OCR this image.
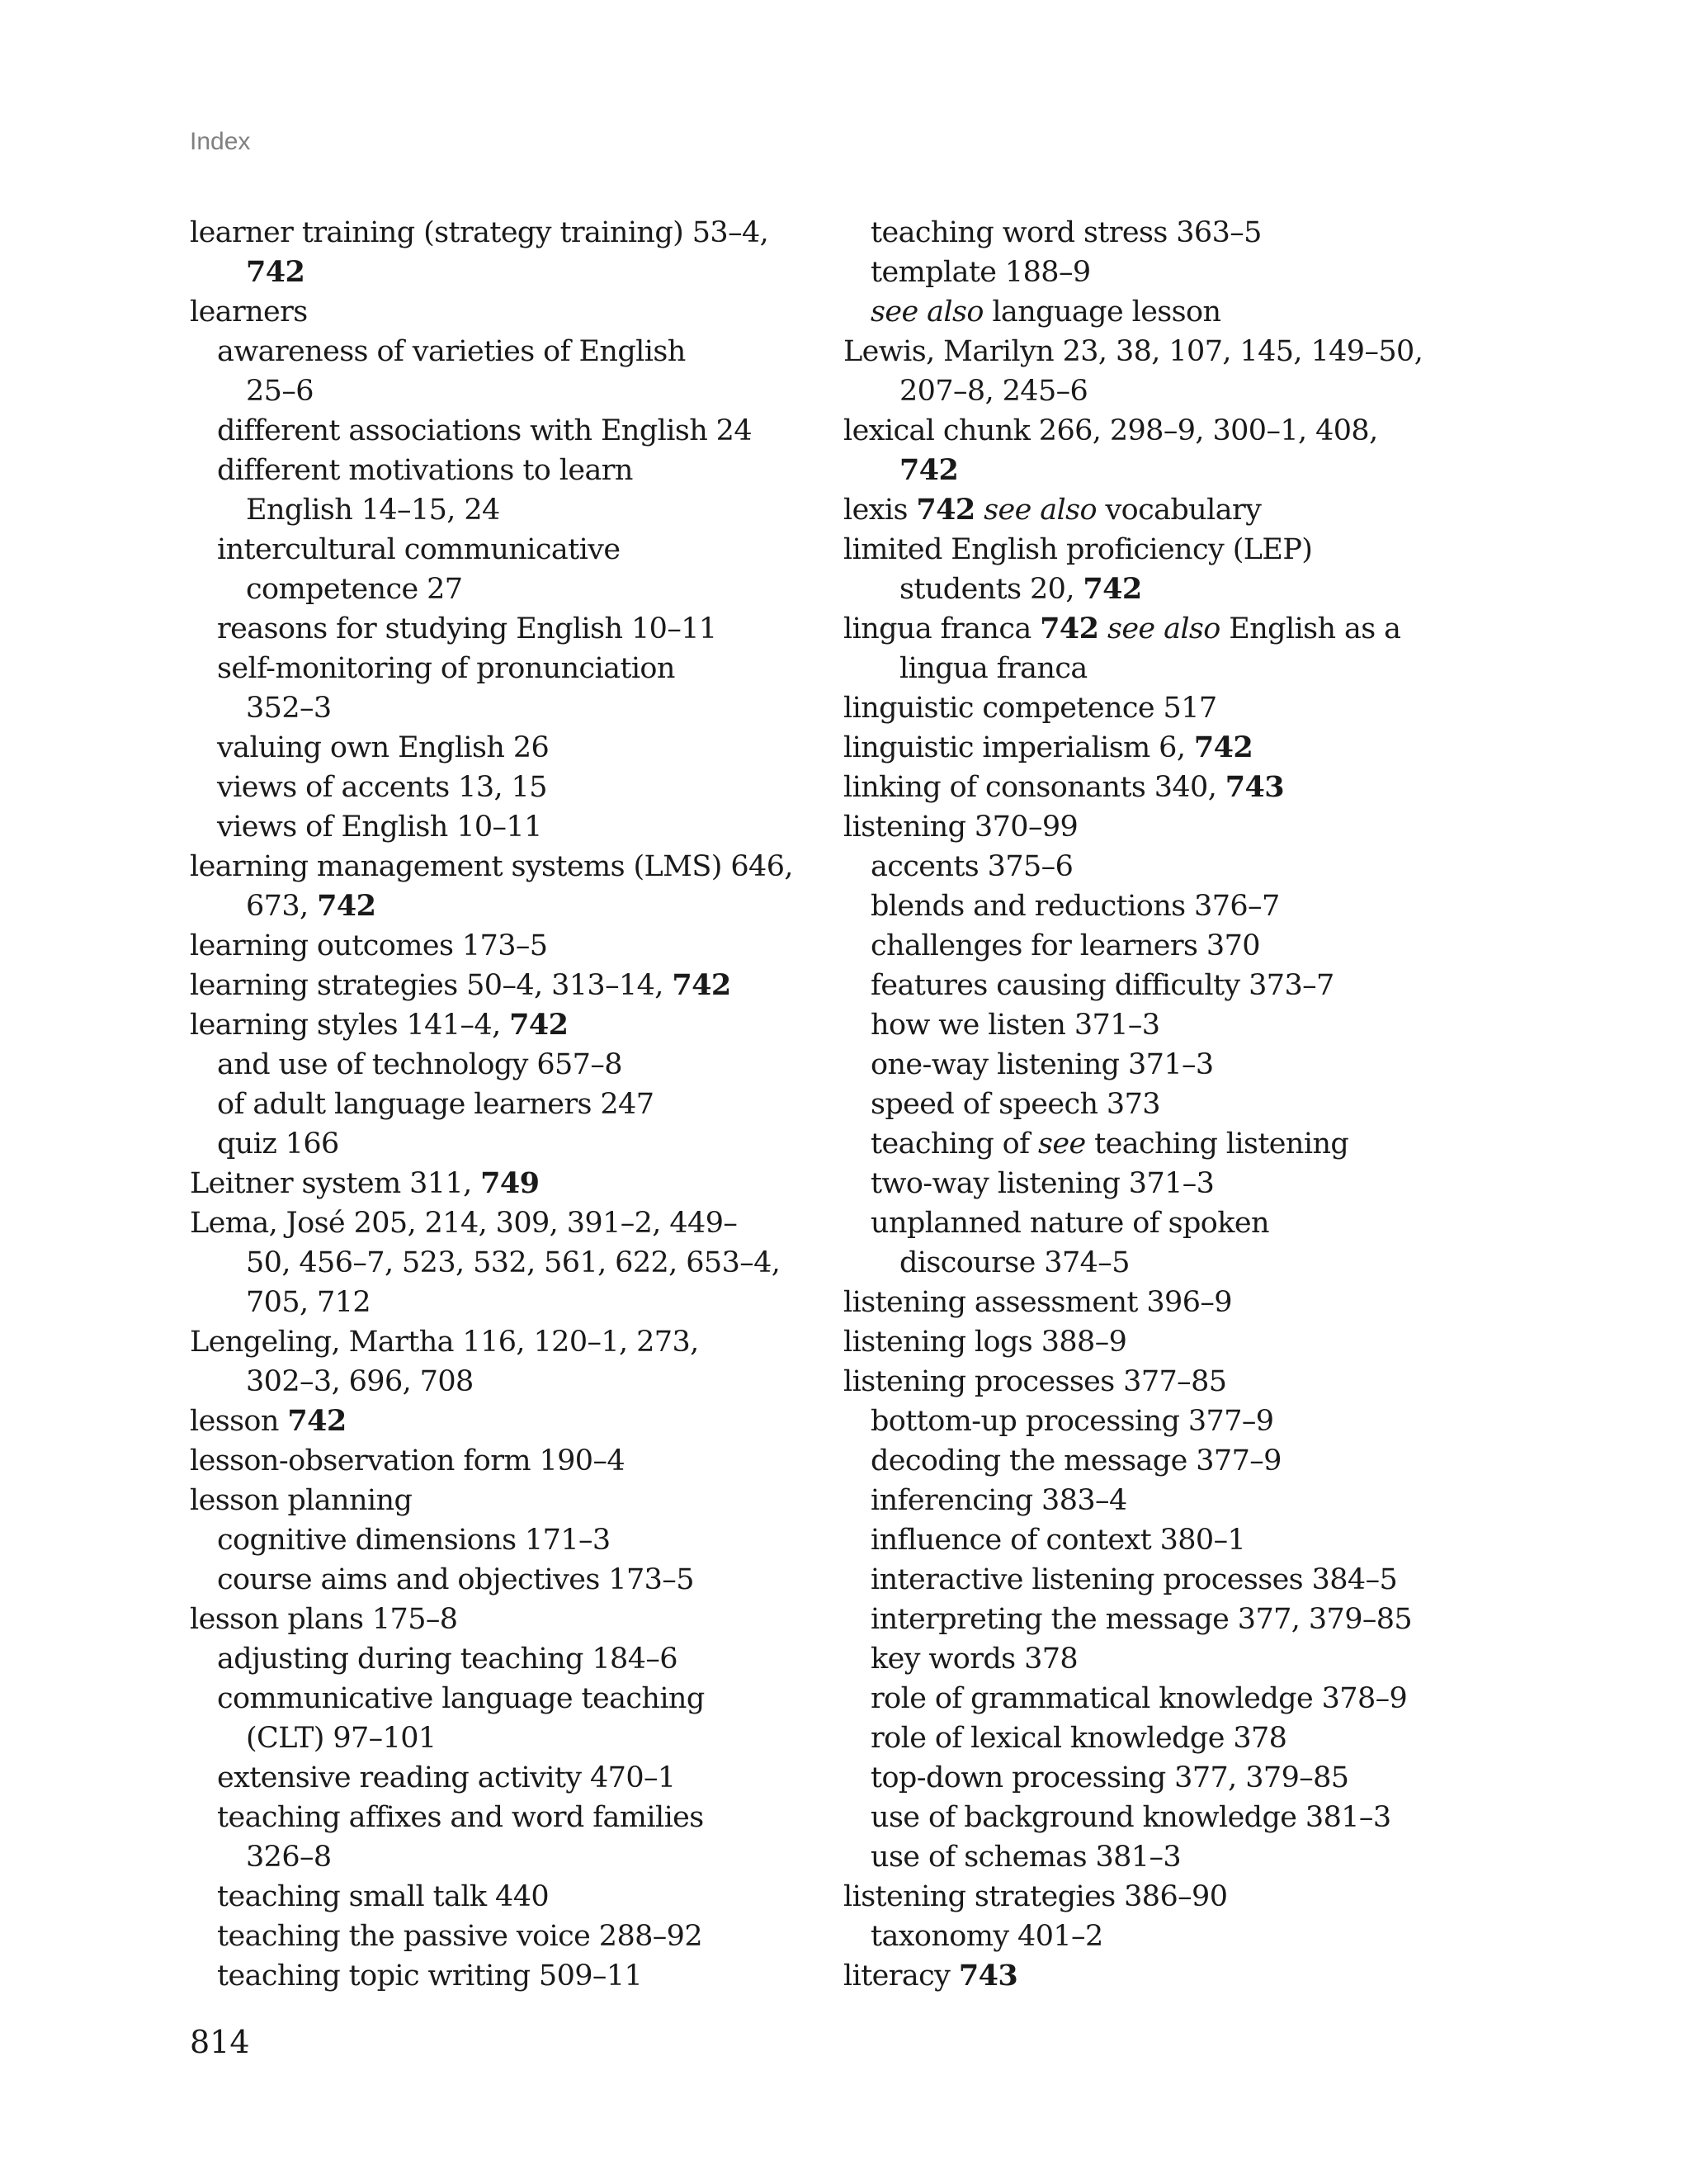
Index
learner training (strategy training) 53–4,
742
learners
awareness of varieties of English
25–6
different associations with English 24
different motivations to learn
English 14–15, 24
intercultural communicative
competence 27
reasons for studying English 10–11
self-monitoring of pronunciation
352–3
valuing own English 26
views of accents 13, 15
views of English 10–11
learning management systems (LMS) 646,
673, 742
learning outcomes 173–5
learning strategies 50–4, 313–14, 742
learning styles 141–4, 742
and use of technology 657–8
of adult language learners 247
quiz 166
Leitner system 311, 749
Lema, José 205, 214, 309, 391–2, 449–
50, 456–7, 523, 532, 561, 622, 653–4,
705, 712
Lengeling, Martha 116, 120–1, 273,
302–3, 696, 708
lesson 742
lesson-observation form 190–4
lesson planning
cognitive dimensions 171–3
course aims and objectives 173–5
lesson plans 175–8
adjusting during teaching 184–6
communicative language teaching
(CLT) 97–101
extensive reading activity 470–1
teaching affixes and word families
326–8
teaching small talk 440
teaching the passive voice 288–92
teaching topic writing 509–11
teaching word stress 363–5
template 188–9
see also language lesson
Lewis, Marilyn 23, 38, 107, 145, 149–50,
207–8, 245–6
lexical chunk 266, 298–9, 300–1, 408,
742
lexis 742 see also vocabulary
limited English proficiency (LEP)
students 20, 742
lingua franca 742 see also English as a
lingua franca
linguistic competence 517
linguistic imperialism 6, 742
linking of consonants 340, 743
listening 370–99
accents 375–6
blends and reductions 376–7
challenges for learners 370
features causing difficulty 373–7
how we listen 371–3
one-way listening 371–3
speed of speech 373
teaching of see teaching listening
two-way listening 371–3
unplanned nature of spoken
discourse 374–5
listening assessment 396–9
listening logs 388–9
listening processes 377–85
bottom-up processing 377–9
decoding the message 377–9
inferencing 383–4
influence of context 380–1
interactive listening processes 384–5
interpreting the message 377, 379–85
key words 378
role of grammatical knowledge 378–9
role of lexical knowledge 378
top-down processing 377, 379–85
use of background knowledge 381–3
use of schemas 381–3
listening strategies 386–90
taxonomy 401–2
literacy 743
814
